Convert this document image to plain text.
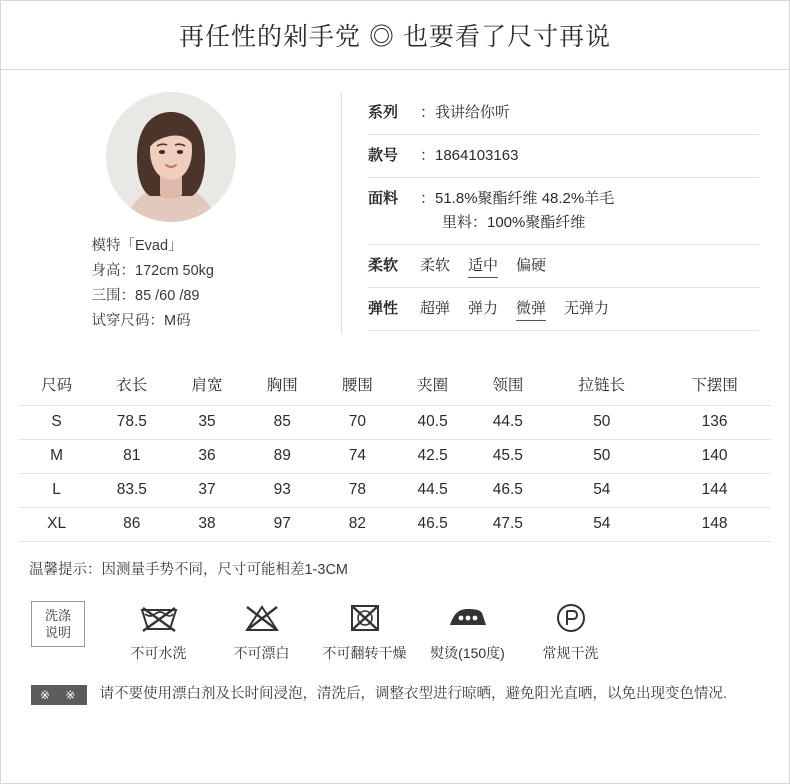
再任性的剁手党 ◎ 也要看了尺寸再说
模特「Evad」
身高：172cm 50kg
三围：85 /60 /89
试穿尺码：M码
系列	：我讲给你听
款号	：1864103163
面料	：51.8%聚酯纤维 48.2%羊毛
里料：100%聚酯纤维
柔软	柔软 适中 偏硬
弹性	超弹 弹力 微弹 无弹力
尺码	衣长	肩宽	胸围	腰围	夹圈	领围	拉链长	下摆围
S	78.5	35	85	70	40.5	44.5	50	136
M	81	36	89	74	42.5	45.5	50	140
L	83.5	37	93	78	44.5	46.5	54	144
XL	86	38	97	82	46.5	47.5	54	148
温馨提示：因测量手势不同，尺寸可能相差1-3CM
洗涤
说明
不可水洗	不可漂白	不可翻转干燥	熨烫(150度)	常规干洗
※ ※	请不要使用漂白剂及长时间浸泡，清洗后，调整衣型进行晾晒，避免阳光直晒，以免出现变色情况.
